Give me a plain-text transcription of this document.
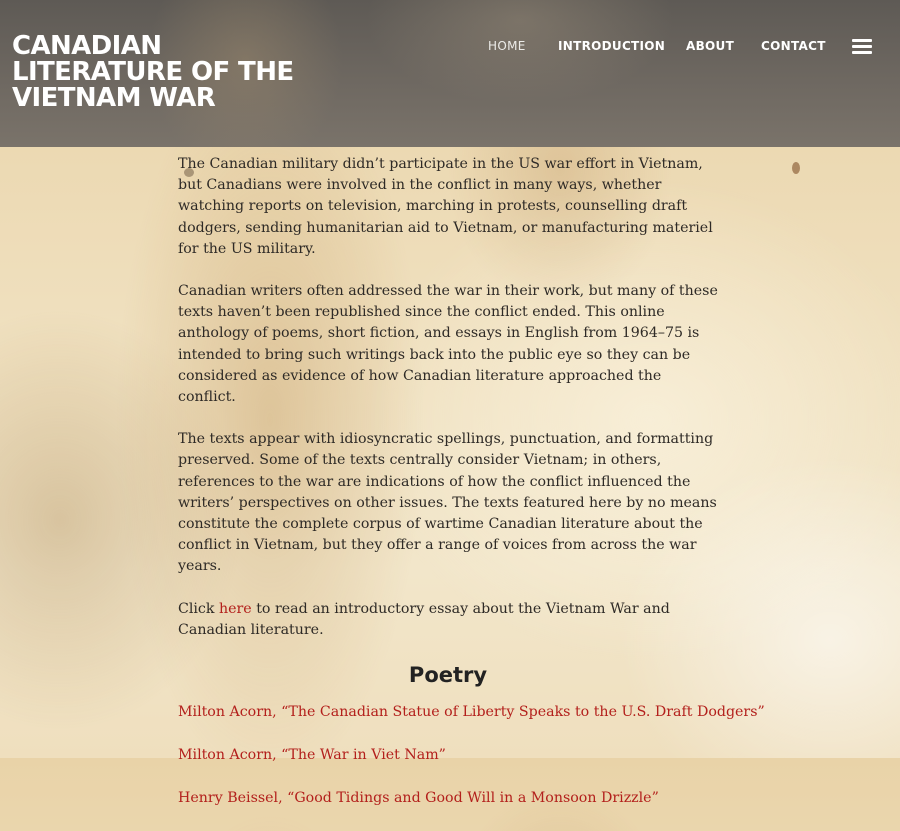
CANADIAN LITERATURE OF THE VIETNAM WAR
HOME	INTRODUCTION ABOUT CONTACT

The Canadian military didn’t participate in the US war effort in Vietnam, but Canadians were involved in the conflict in many ways, whether watching reports on television, marching in protests, counselling draft dodgers, sending humanitarian aid to Vietnam, or manufacturing materiel for the US military.

Canadian writers often addressed the war in their work, but many of these texts haven’t been republished since the conflict ended. This online anthology of poems, short fiction, and essays in English from 1964–75 is intended to bring such writings back into the public eye so they can be considered as evidence of how Canadian literature approached the conflict.

The texts appear with idiosyncratic spellings, punctuation, and formatting preserved. Some of the texts centrally consider Vietnam; in others, references to the war are indications of how the conflict influenced the writers’ perspectives on other issues. The texts featured here by no means constitute the complete corpus of wartime Canadian literature about the conflict in Vietnam, but they offer a range of voices from across the war years.

Click here to read an introductory essay about the Vietnam War and Canadian literature.

Poetry
Milton Acorn, “The Canadian Statue of Liberty Speaks to the U.S. Draft Dodgers”
Milton Acorn, “The War in Viet Nam”
Henry Beissel, “Good Tidings and Good Will in a Monsoon Drizzle”
